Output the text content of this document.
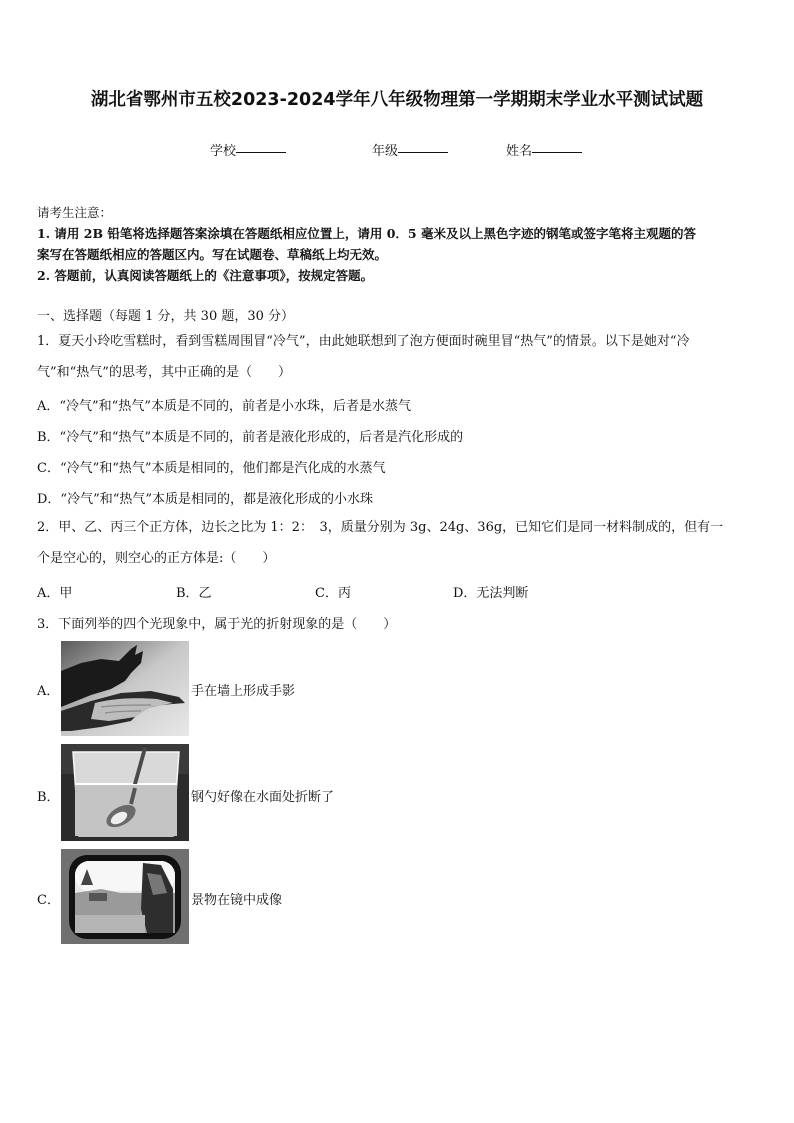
湖北省鄂州市五校2023-2024学年八年级物理第一学期期末学业水平测试试题
学校	年级	姓名
请考生注意：
1. 请用 2B 铅笔将选择题答案涂填在答题纸相应位置上，请用 0．5 毫米及以上黑色字迹的钢笔或签字笔将主观题的答
案写在答题纸相应的答题区内。写在试题卷、草稿纸上均无效。
2. 答题前，认真阅读答题纸上的《注意事项》，按规定答题。
一、选择题（每题 1 分，共 30 题，30 分）
1．夏天小玲吃雪糕时，看到雪糕周围冒“冷气”，由此她联想到了泡方便面时碗里冒“热气”的情景。以下是她对“冷
气”和“热气”的思考，其中正确的是（　　）
A．“冷气”和“热气”本质是不同的，前者是小水珠，后者是水蒸气
B．“冷气”和“热气”本质是不同的，前者是液化形成的，后者是汽化形成的
C．“冷气”和“热气”本质是相同的，他们都是汽化成的水蒸气
D．“冷气”和“热气”本质是相同的，都是液化形成的小水珠
2．甲、乙、丙三个正方体，边长之比为 1：2：　3，质量分别为 3g、24g、36g，已知它们是同一材料制成的，但有一
个是空心的，则空心的正方体是:（　　）
A．甲	B．乙	C．丙	D．无法判断
3．下面列举的四个光现象中，属于光的折射现象的是（　　）
A．	手在墙上形成手影
B．	钢勺好像在水面处折断了
C．	景物在镜中成像
